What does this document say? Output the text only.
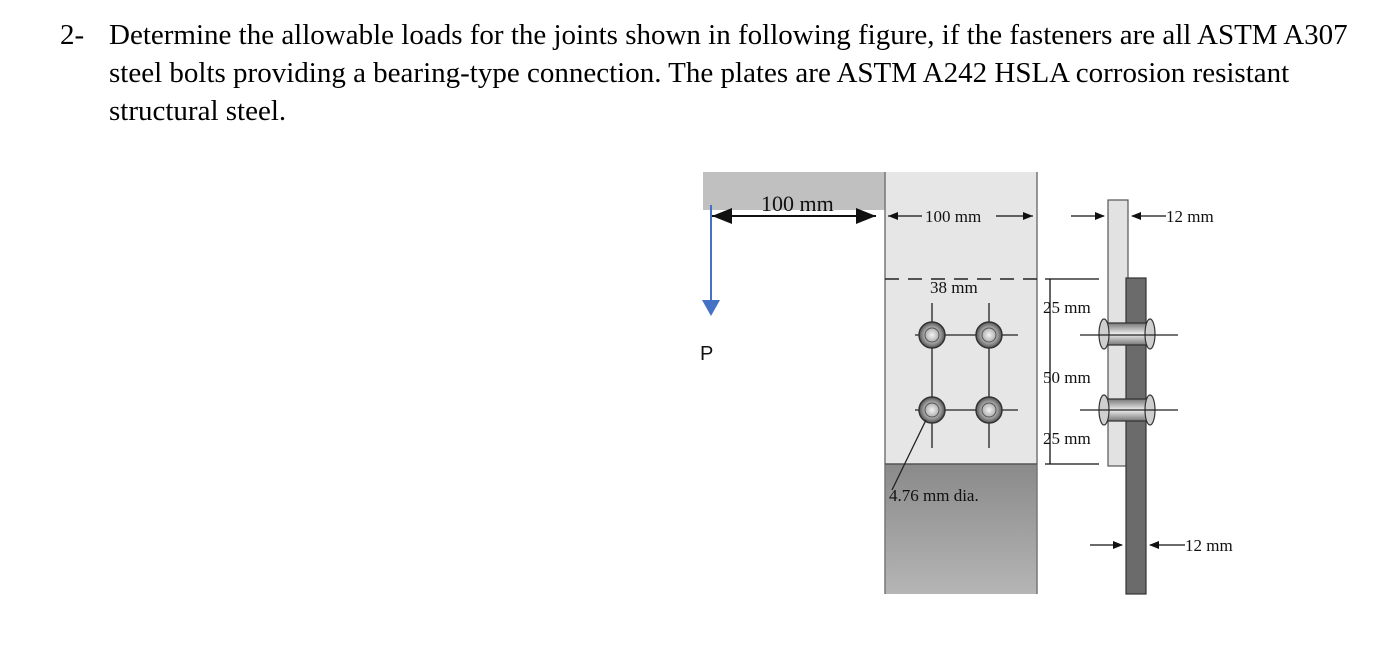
2- Determine the allowable loads for the joints shown in following figure, if the fasteners are all ASTM A307 steel bolts providing a bearing-type connection. The plates are ASTM A242 HSLA corrosion resistant structural steel.
100 mm
100 mm
38 mm
25 mm
50 mm
25 mm
12 mm
12 mm
4.76 mm dia.
P
